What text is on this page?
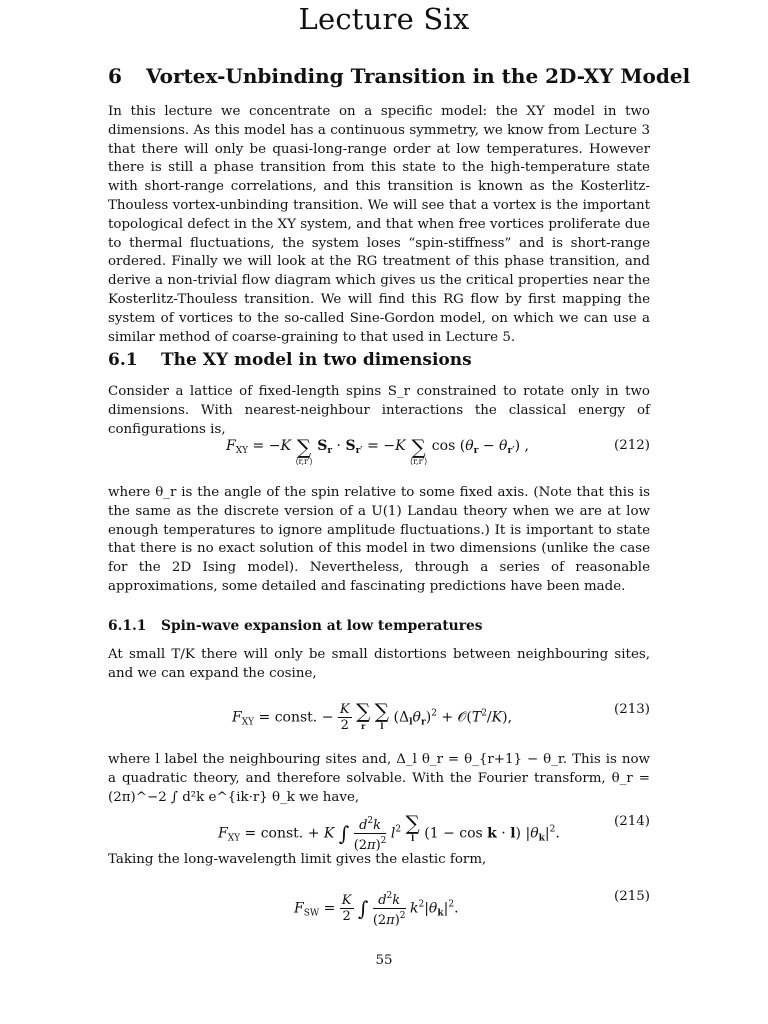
Lecture Six
6 Vortex-Unbinding Transition in the 2D-XY Model

In this lecture we concentrate on a specific model: the XY model in two dimensions. As this model has a continuous symmetry, we know from Lecture 3 that there will only be quasi-long-range order at low temperatures. However there is still a phase transition from this state to the high-temperature state with short-range correlations, and this transition is known as the Kosterlitz-Thouless vortex-unbinding transition. We will see that a vortex is the important topological defect in the XY system, and that when free vortices proliferate due to thermal fluctuations, the system loses “spin-stiffness” and is short-range ordered. Finally we will look at the RG treatment of this phase transition, and derive a non-trivial flow diagram which gives us the critical properties near the Kosterlitz-Thouless transition. We will find this RG flow by first mapping the system of vortices to the so-called Sine-Gordon model, on which we can use a similar method of coarse-graining to that used in Lecture 5.

6.1 The XY model in two dimensions

Consider a lattice of fixed-length spins S_r constrained to rotate only in two dimensions. With nearest-neighbour interactions the classical energy of configurations is,

$F_{XY} = -K$ ∑
⟨r,r′⟩
$S_r \cdot S_{r'} = -K$ ∑
⟨r,r′⟩
$\cos (\theta_r - \theta_{r'})$ ,	(212)

where θ_r is the angle of the spin relative to some fixed axis. (Note that this is the same as the discrete version of a U(1) Landau theory when we are at low enough temperatures to ignore amplitude fluctuations.) It is important to state that there is no exact solution of this model in two dimensions (unlike the case for the 2D Ising model). Nevertheless, through a series of reasonable approximations, some detailed and fascinating predictions have been made.

6.1.1 Spin-wave expansion at low temperatures

At small T/K there will only be small distortions between neighbouring sites, and we can expand the cosine,

$F_{XY}$ = const. − $\frac{K}{2}$
∑
r

∑
l
$(\Delta_l\theta_r)^2$ + $𝒪(T^2/K)$,	(213)

where l label the neighbouring sites and, Δ_l θ_r = θ_{r+1} − θ_r. This is now a quadratic theory, and therefore solvable. With the Fourier transform, θ_r = (2π)^−2 ∫ d²k e^{ik·r} θ_k we have,

$F_{XY}$ = const. + K ∫ $\frac{d^2k}{(2\pi)^2} l^2$ ∑
l (1 − cos k · l) $|\theta_k|^2$.
(214)

Taking the long-wavelength limit gives the elastic form,

$F_{SW} = \frac{K}{2}$ ∫ $\frac{d^2k}{(2\pi)^2} k^2|\theta_k|^2$.
(215)
55
